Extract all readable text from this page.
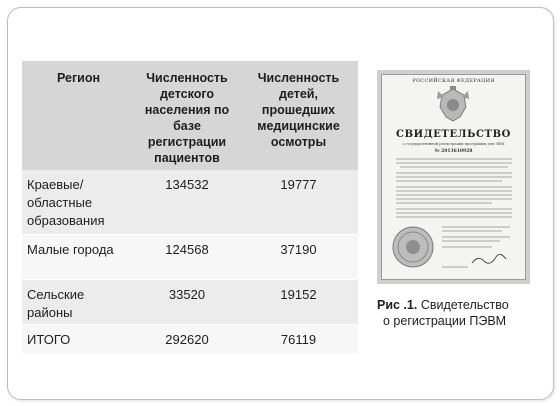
Регион	Численность детского населения по базе регистрации пациентов	Численность детей, прошедших медицинские осмотры
Краевые/ областные образования	134532	19777
Малые города	124568	37190
Сельские районы	33520	19152
ИТОГО	292620	76119
РОССИЙСКАЯ ФЕДЕРАЦИЯ
СВИДЕТЕЛЬСТВО
о государственной регистрации программы для ЭВМ
№ 2013610928
Рис .1. Свидетельство
о регистрации ПЭВМ
